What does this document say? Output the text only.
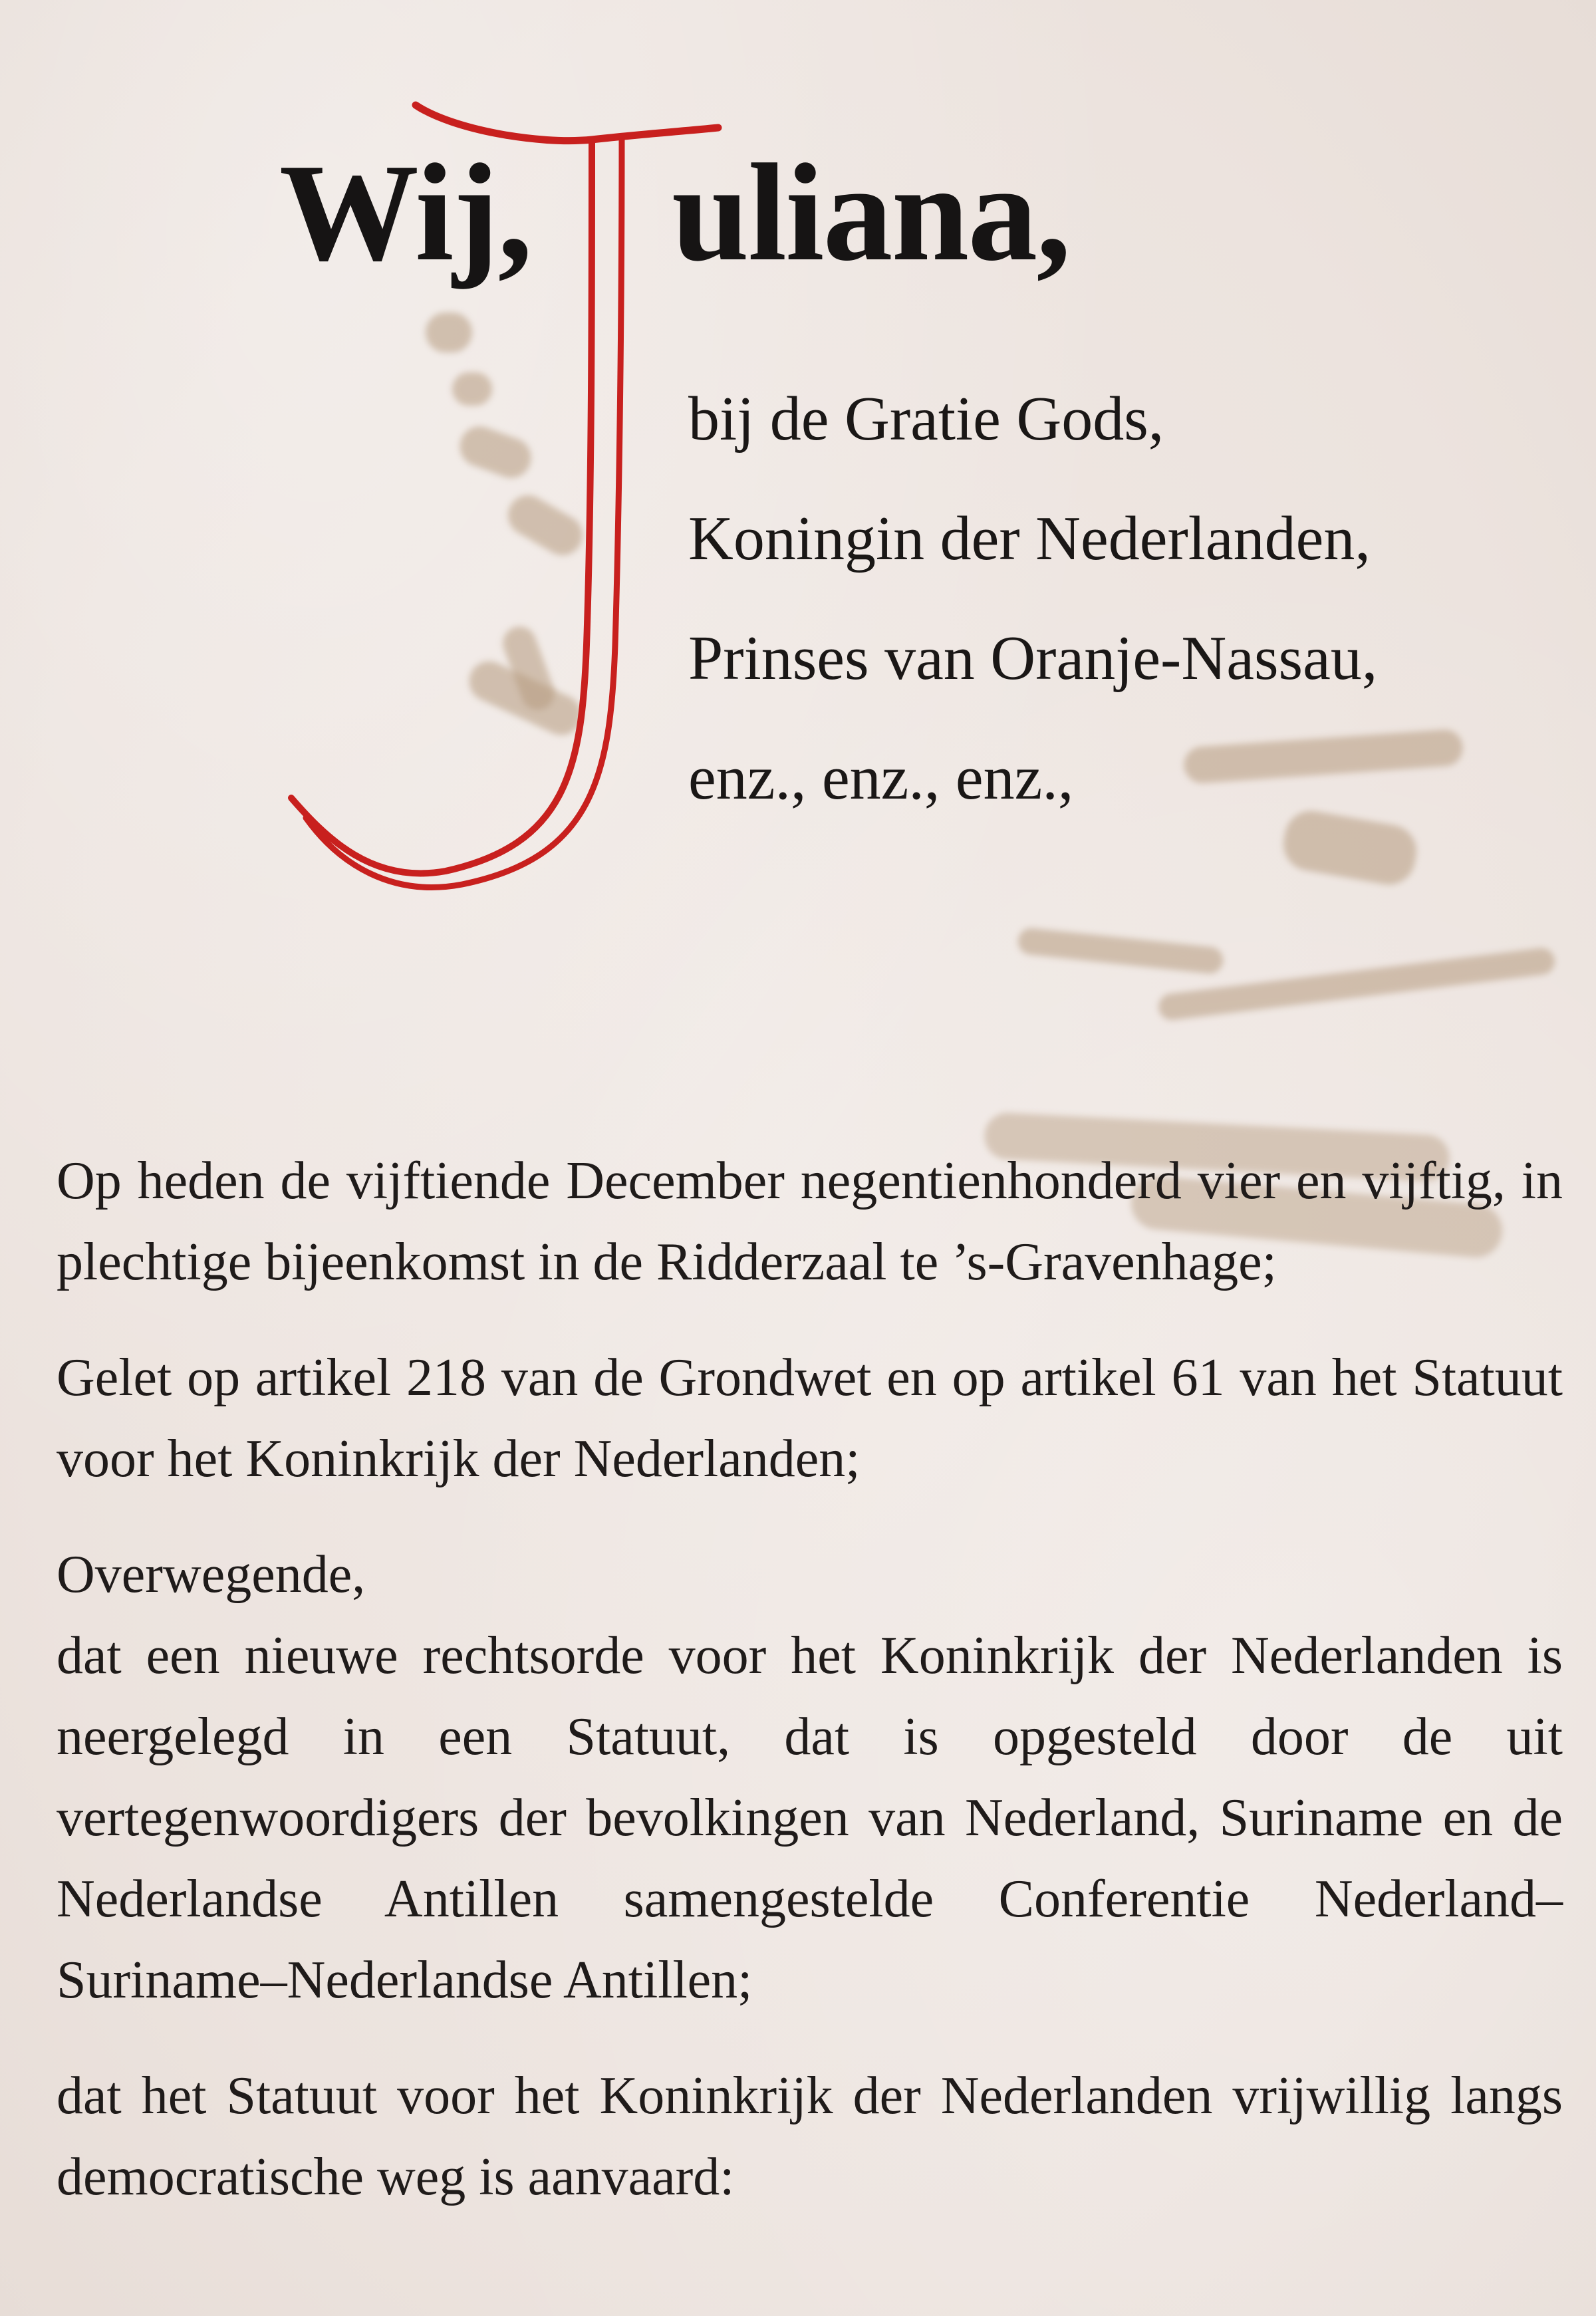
Wij, uliana,
bij de Gratie Gods,
Koningin der Nederlanden,
Prinses van Oranje-Nassau,
enz., enz., enz.,

Op heden de vijftiende December negentienhonderd vier en vijftig, in plechtige bijeenkomst in de Ridderzaal te ’s-Gravenhage;

Gelet op artikel 218 van de Grondwet en op artikel 61 van het Statuut voor het Koninkrijk der Nederlanden;

Overwegende,

dat een nieuwe rechtsorde voor het Koninkrijk der Nederlanden is neergelegd in een Statuut, dat is opgesteld door de uit vertegenwoordigers der bevolkingen van Nederland, Suriname en de Nederlandse Antillen samengestelde Conferentie Nederland–Suriname–Nederlandse Antillen;

dat het Statuut voor het Koninkrijk der Nederlanden vrijwillig langs democratische weg is aanvaard:
